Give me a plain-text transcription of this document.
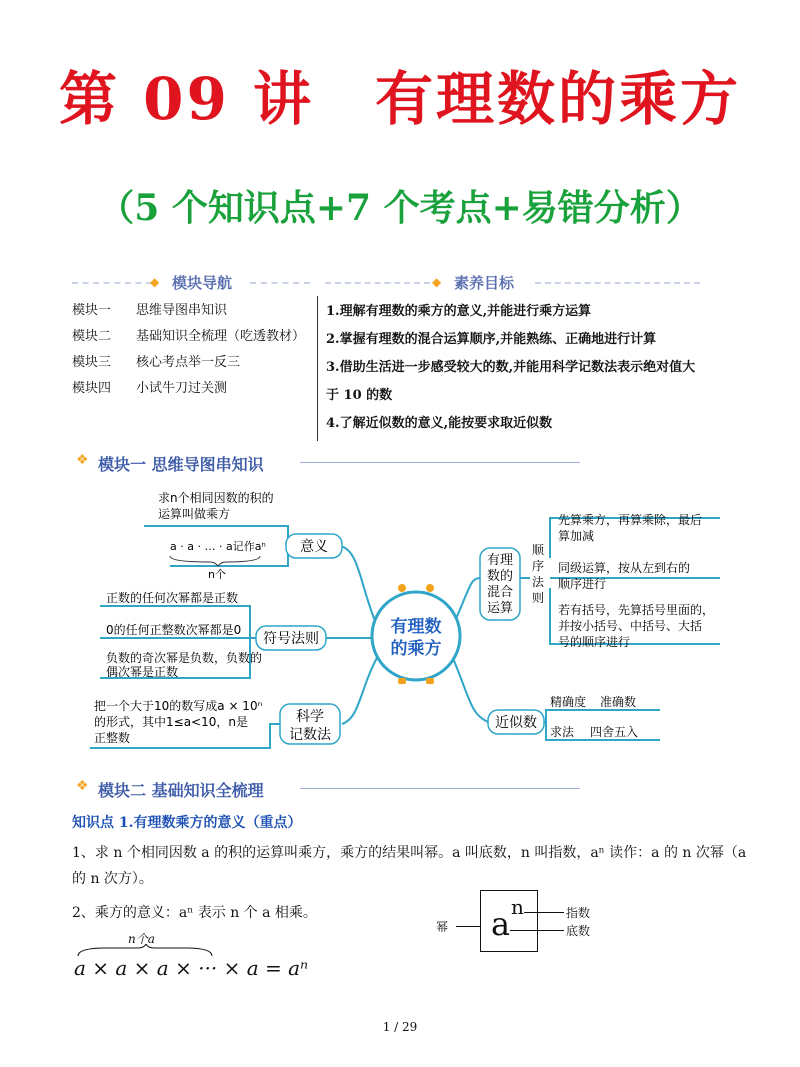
第 09 讲　有理数的乘方
（5 个知识点+7 个考点+易错分析）
◆ 模块导航	◆ 素养目标
模块一 思维导图串知识
模块二 基础知识全梳理（吃透教材）
模块三 核心考点举一反三
模块四 小试牛刀过关测
1.理解有理数的乘方的意义,并能进行乘方运算
2.掌握有理数的混合运算顺序,并能熟练、正确地进行计算
3.借助生活进一步感受较大的数,并能用科学记数法表示绝对值大
于 10 的数
4.了解近似数的意义,能按要求取近似数
❖ 模块一 思维导图串知识
有理数
的乘方
意义
符号法则
科学
记数法
有理
数的
混合
运算
顺
序
法
则
近似数
求n个相同因数的积的
运算叫做乘方
a · a · … · a记作aⁿ
n个
正数的任何次幂都是正数
0的任何正整数次幂都是0
负数的奇次幂是负数，负数的
偶次幂是正数
把一个大于10的数写成a × 10ⁿ
的形式，其中1≤a<10，n是
正整数
先算乘方，再算乘除，最后
算加减
同级运算，按从左到右的
顺序进行
若有括号，先算括号里面的，
并按小括号、中括号、大括
号的顺序进行
精确度 准确数
求法 四舍五入
❖ 模块二 基础知识全梳理
知识点 1.有理数乘方的意义（重点）
1、求 n 个相同因数 a 的积的运算叫乘方，乘方的结果叫幂。a 叫底数，n 叫指数，aⁿ 读作：a 的 n 次幂（a
的 n 次方）。
2、乘方的意义：aⁿ 表示 n 个 a 相乘。
n个a
a × a × a × ··· × a = aⁿ
幂 a n	指数
底数
1 / 29
